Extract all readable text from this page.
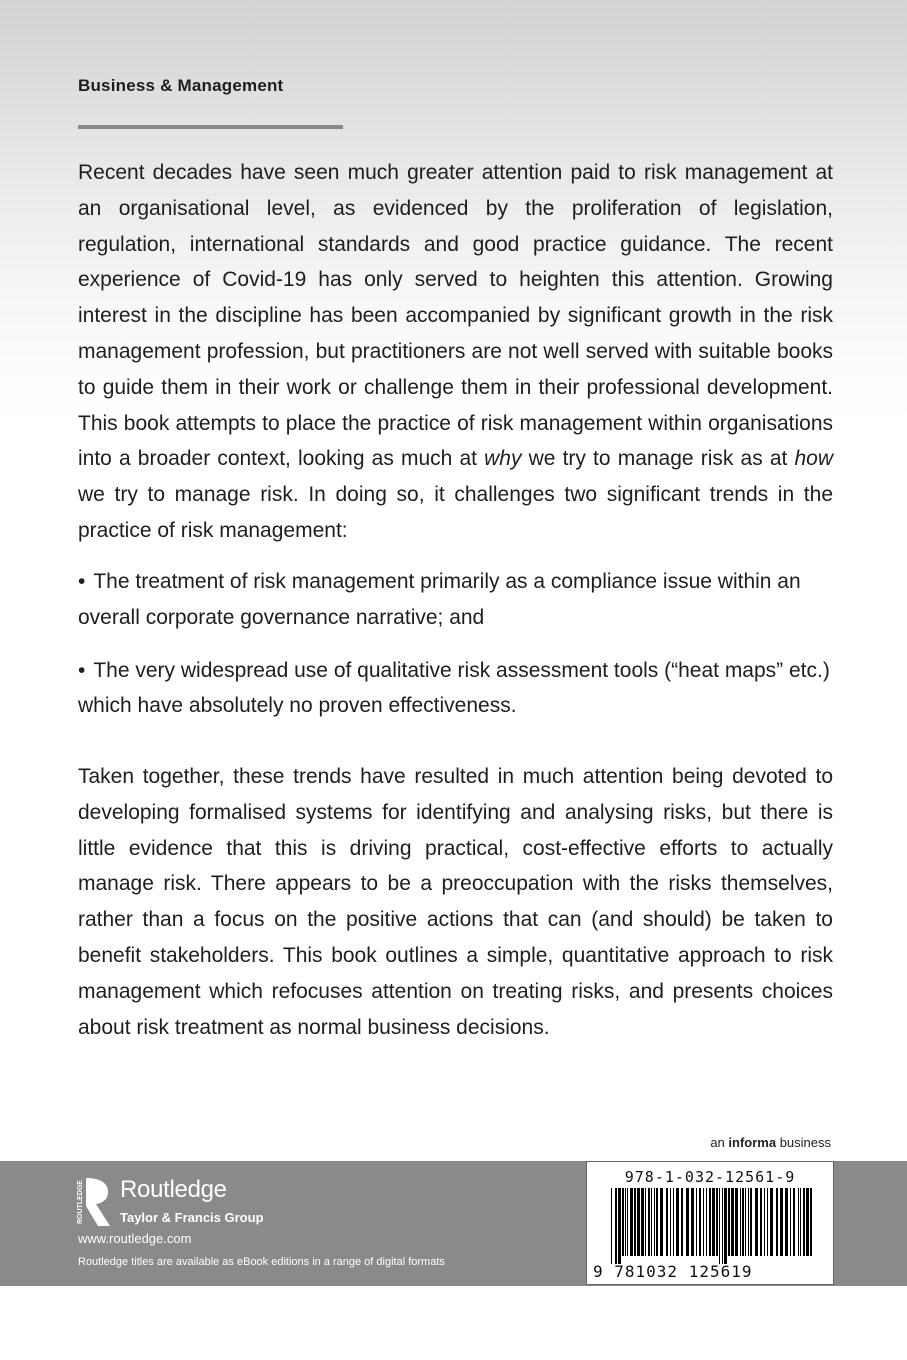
Business & Management

Recent decades have seen much greater attention paid to risk management at an organisational level, as evidenced by the proliferation of legislation, regulation, international standards and good practice guidance. The recent experience of Covid-19 has only served to heighten this attention. Growing interest in the discipline has been accompanied by significant growth in the risk management profession, but practitioners are not well served with suitable books to guide them in their work or challenge them in their professional development. This book attempts to place the practice of risk management within organisations into a broader context, looking as much at why we try to manage risk as at how we try to manage risk. In doing so, it challenges two significant trends in the practice of risk management:

• The treatment of risk management primarily as a compliance issue within an overall corporate governance narrative; and
• The very widespread use of qualitative risk assessment tools (“heat maps” etc.) which have absolutely no proven effectiveness.

Taken together, these trends have resulted in much attention being devoted to developing formalised systems for identifying and analysing risks, but there is little evidence that this is driving practical, cost-effective efforts to actually manage risk. There appears to be a preoccupation with the risks themselves, rather than a focus on the positive actions that can (and should) be taken to benefit stakeholders. This book outlines a simple, quantitative approach to risk management which refocuses attention on treating risks, and presents choices about risk treatment as normal business decisions.

an informa business
ROUTLEDGE Routledge
Taylor & Francis Group
www.routledge.com
Routledge titles are available as eBook editions in a range of digital formats
978-1-032-12561-9
9 781032 125619
